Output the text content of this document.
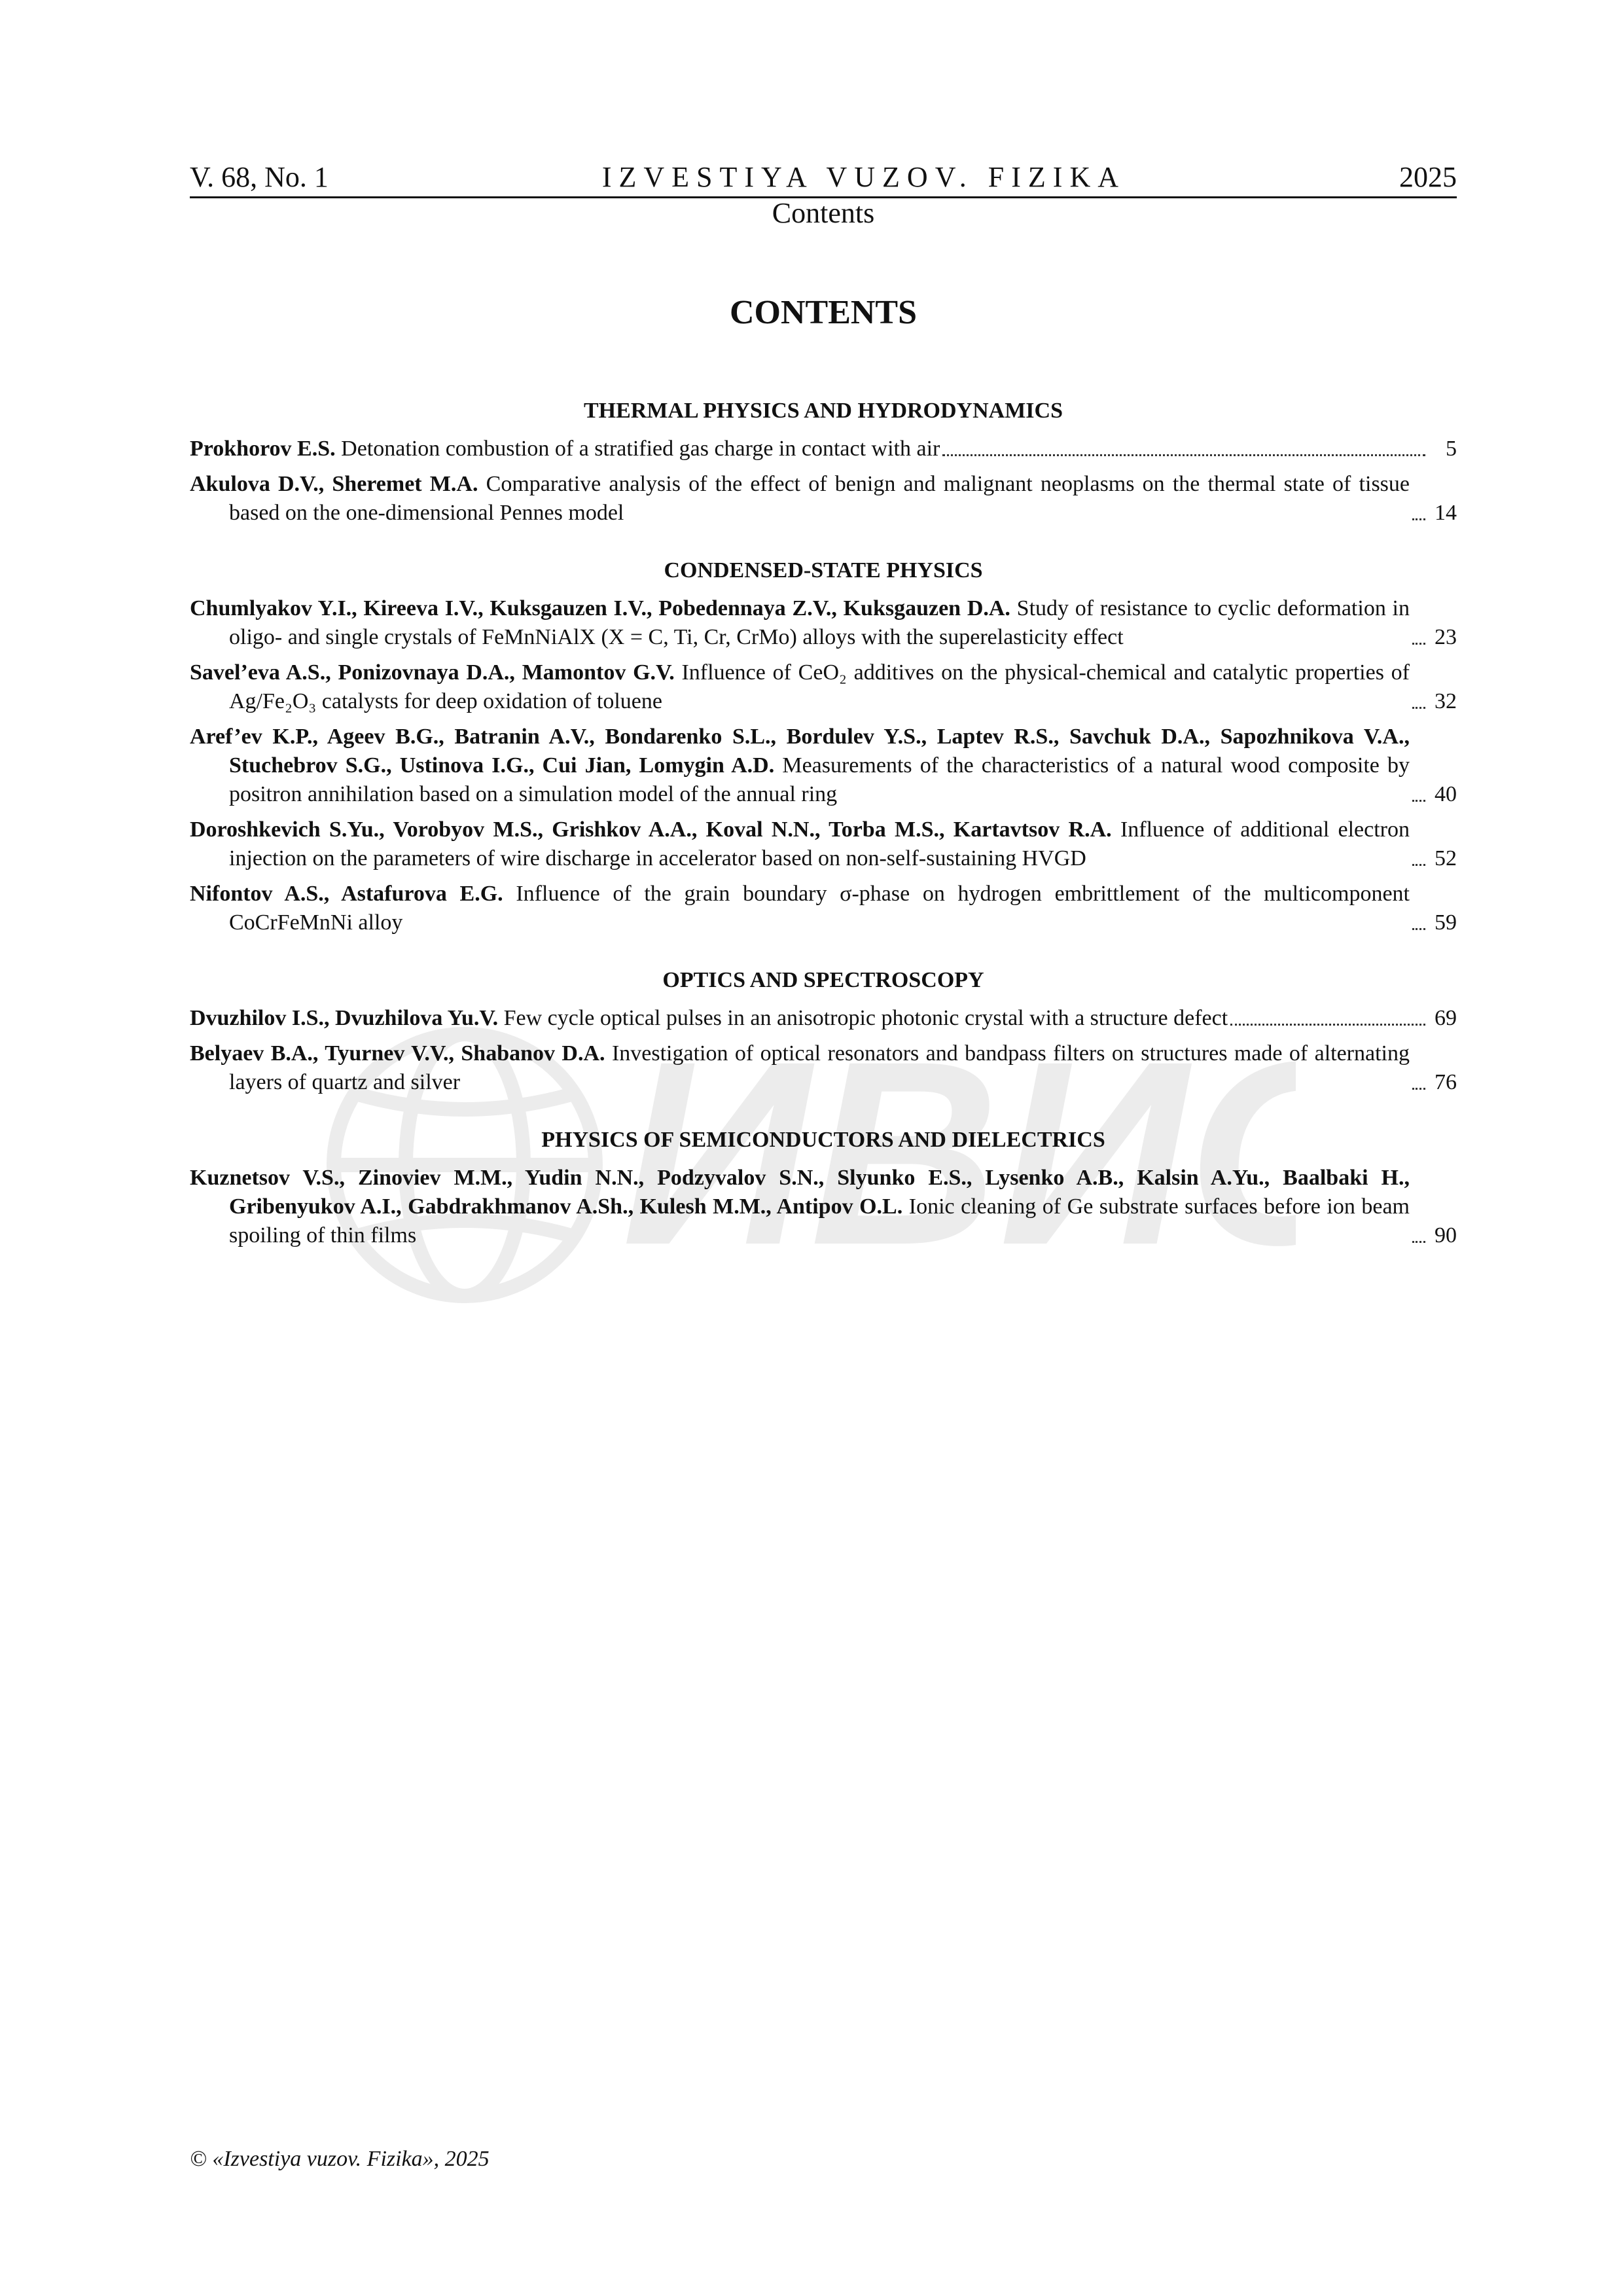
ИВИ
V. 68, No. 1	IZVESTIYA VUZOV. FIZIKA	2025
Contents
CONTENTS
THERMAL PHYSICS AND HYDRODYNAMICS
Prokhorov E.S. Detonation combustion of a stratified gas charge in contact with air	5
Akulova D.V., Sheremet M.A. Comparative analysis of the effect of benign and malignant neoplasms on the thermal state of tissue based on the one-dimensional Pennes model	14
CONDENSED-STATE PHYSICS
Chumlyakov Y.I., Kireeva I.V., Kuksgauzen I.V., Pobedennaya Z.V., Kuksgauzen D.A. Study of resistance to cyclic deformation in oligo- and single crystals of FeMnNiAlX (X = C, Ti, Cr, CrMo) alloys with the superelasticity effect	23
Savel’eva A.S., Ponizovnaya D.A., Mamontov G.V. Influence of CeO₂ additives on the physical-chemical and catalytic properties of Ag/Fe₂O₃ catalysts for deep oxidation of toluene	32
Aref’ev K.P., Ageev B.G., Batranin A.V., Bondarenko S.L., Bordulev Y.S., Laptev R.S., Savchuk D.A., Sapozhnikova V.A., Stuchebrov S.G., Ustinova I.G., Cui Jian, Lomygin A.D. Measurements of the characteristics of a natural wood composite by positron annihilation based on a simulation model of the annual ring	40
Doroshkevich S.Yu., Vorobyov M.S., Grishkov A.A., Koval N.N., Torba M.S., Kartavtsov R.A. Influence of additional electron injection on the parameters of wire discharge in accelerator based on non-self-sustaining HVGD	52
Nifontov A.S., Astafurova E.G. Influence of the grain boundary σ-phase on hydrogen embrittlement of the multicomponent CoCrFeMnNi alloy	59
OPTICS AND SPECTROSCOPY
Dvuzhilov I.S., Dvuzhilova Yu.V. Few cycle optical pulses in an anisotropic photonic crystal with a structure defect	69
Belyaev B.A., Tyurnev V.V., Shabanov D.A. Investigation of optical resonators and bandpass filters on structures made of alternating layers of quartz and silver	76
PHYSICS OF SEMICONDUCTORS AND DIELECTRICS
Kuznetsov V.S., Zinoviev M.M., Yudin N.N., Podzyvalov S.N., Slyunko E.S., Lysenko A.B., Kalsin A.Yu., Baalbaki H., Gribenyukov A.I., Gabdrakhmanov A.Sh., Kulesh M.M., Antipov O.L. Ionic cleaning of Ge substrate surfaces before ion beam spoiling of thin films	90
© «Izvestiya vuzov. Fizika», 2025
